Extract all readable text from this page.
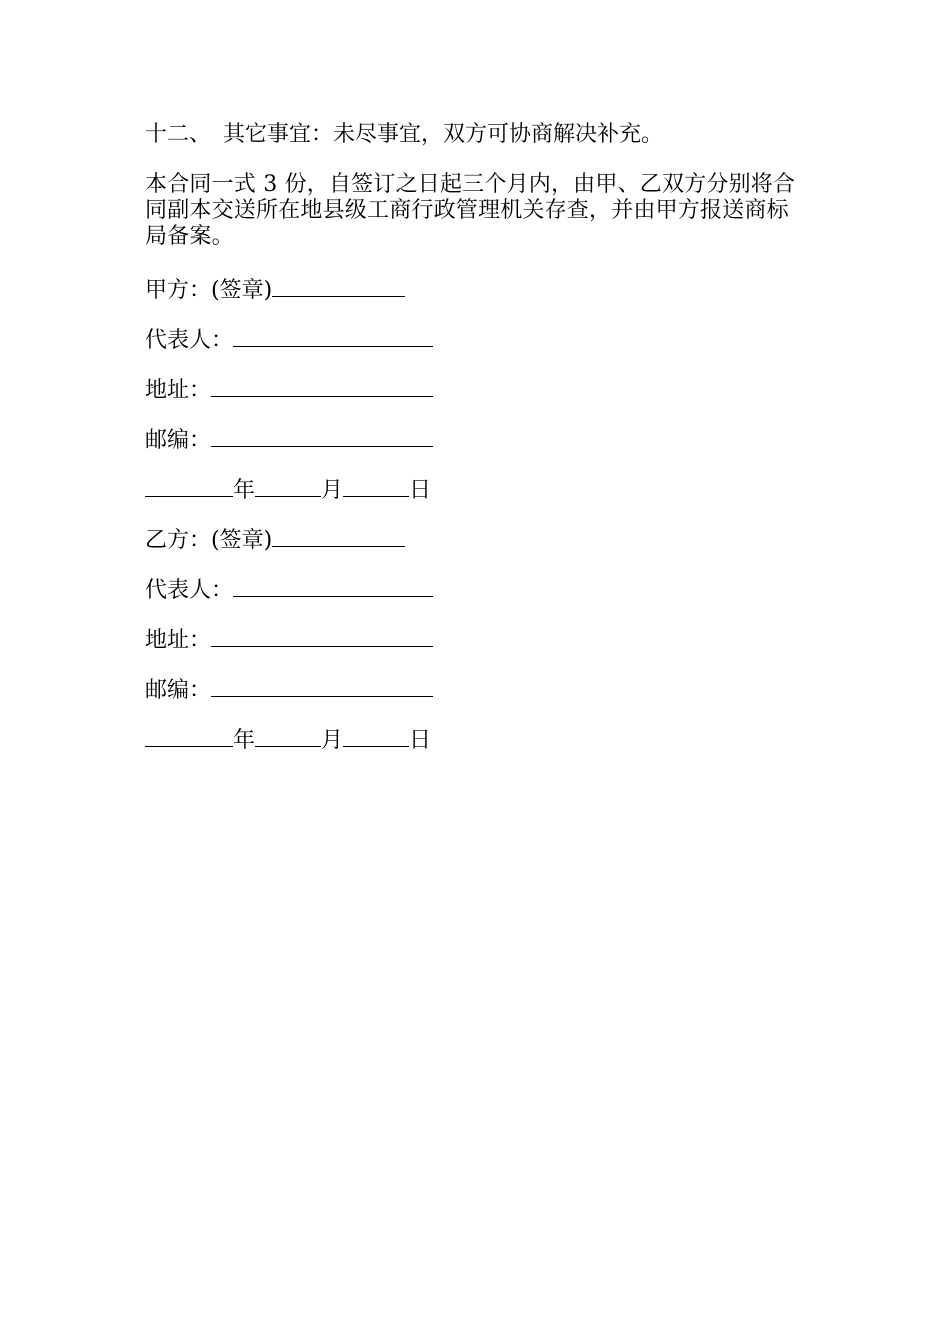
十二、 其它事宜：未尽事宜，双方可协商解决补充。

本合同一式 3 份，自签订之日起三个月内，由甲、乙双方分别将合同副本交送所在地县级工商行政管理机关存查，并由甲方报送商标局备案。

甲方：(签章)
代表人：
地址：
邮编：
年	月	日
乙方：(签章)
代表人：
地址：
邮编：
年	月	日
